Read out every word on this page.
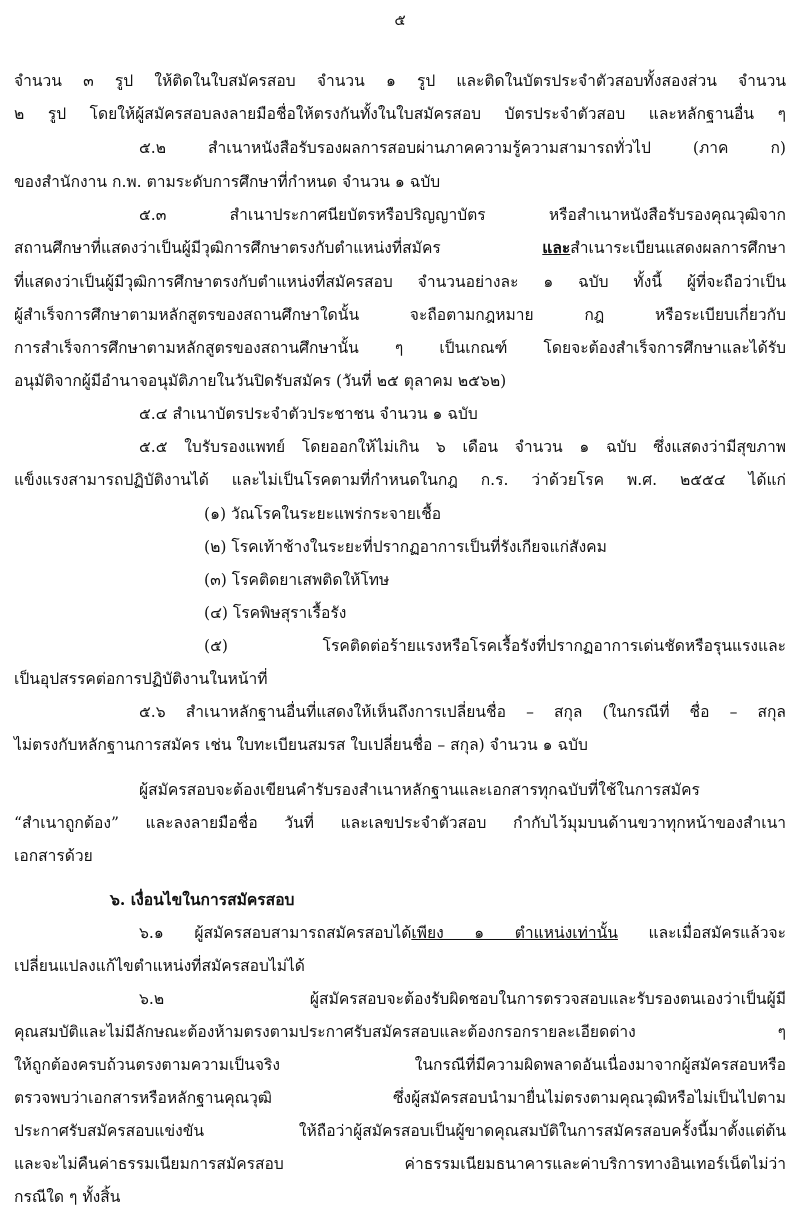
๕
จำนวน ๓ รูป ให้ติดในใบสมัครสอบ จำนวน ๑ รูป และติดในบัตรประจำตัวสอบทั้งสองส่วน จำนวน
๒ รูป โดยให้ผู้สมัครสอบลงลายมือชื่อให้ตรงกันทั้งในใบสมัครสอบ บัตรประจำตัวสอบ และหลักฐานอื่น ๆ
๕.๒ สำเนาหนังสือรับรองผลการสอบผ่านภาคความรู้ความสามารถทั่วไป (ภาค ก)
ของสำนักงาน ก.พ. ตามระดับการศึกษาที่กำหนด จำนวน ๑ ฉบับ
๕.๓ สำเนาประกาศนียบัตรหรือปริญญาบัตร หรือสำเนาหนังสือรับรองคุณวุฒิจาก
สถานศึกษาที่แสดงว่าเป็นผู้มีวุฒิการศึกษาตรงกับตำแหน่งที่สมัคร และสำเนาระเบียนแสดงผลการศึกษา
ที่แสดงว่าเป็นผู้มีวุฒิการศึกษาตรงกับตำแหน่งที่สมัครสอบ จำนวนอย่างละ ๑ ฉบับ ทั้งนี้ ผู้ที่จะถือว่าเป็น
ผู้สำเร็จการศึกษาตามหลักสูตรของสถานศึกษาใดนั้น จะถือตามกฎหมาย กฎ หรือระเบียบเกี่ยวกับ
การสำเร็จการศึกษาตามหลักสูตรของสถานศึกษานั้น ๆ เป็นเกณฑ์ โดยจะต้องสำเร็จการศึกษาและได้รับ
อนุมัติจากผู้มีอำนาจอนุมัติภายในวันปิดรับสมัคร (วันที่ ๒๕ ตุลาคม ๒๕๖๒)
๕.๔ สำเนาบัตรประจำตัวประชาชน จำนวน ๑ ฉบับ
๕.๕ ใบรับรองแพทย์ โดยออกให้ไม่เกิน ๖ เดือน จำนวน ๑ ฉบับ ซึ่งแสดงว่ามีสุขภาพ
แข็งแรงสามารถปฏิบัติงานได้ และไม่เป็นโรคตามที่กำหนดในกฎ ก.ร. ว่าด้วยโรค พ.ศ. ๒๕๕๔ ได้แก่
(๑) วัณโรคในระยะแพร่กระจายเชื้อ
(๒) โรคเท้าช้างในระยะที่ปรากฏอาการเป็นที่รังเกียจแก่สังคม
(๓) โรคติดยาเสพติดให้โทษ
(๔) โรคพิษสุราเรื้อรัง
(๕) โรคติดต่อร้ายแรงหรือโรคเรื้อรังที่ปรากฏอาการเด่นชัดหรือรุนแรงและ
เป็นอุปสรรคต่อการปฏิบัติงานในหน้าที่
๕.๖ สำเนาหลักฐานอื่นที่แสดงให้เห็นถึงการเปลี่ยนชื่อ – สกุล (ในกรณีที่ ชื่อ – สกุล
ไม่ตรงกับหลักฐานการสมัคร เช่น ใบทะเบียนสมรส ใบเปลี่ยนชื่อ – สกุล) จำนวน ๑ ฉบับ
ผู้สมัครสอบจะต้องเขียนคำรับรองสำเนาหลักฐานและเอกสารทุกฉบับที่ใช้ในการสมัคร
“สำเนาถูกต้อง” และลงลายมือชื่อ วันที่ และเลขประจำตัวสอบ กำกับไว้มุมบนด้านขวาทุกหน้าของสำเนา
เอกสารด้วย
๖. เงื่อนไขในการสมัครสอบ
๖.๑ ผู้สมัครสอบสามารถสมัครสอบได้เพียง ๑ ตำแหน่งเท่านั้น และเมื่อสมัครแล้วจะ
เปลี่ยนแปลงแก้ไขตำแหน่งที่สมัครสอบไม่ได้
๖.๒ ผู้สมัครสอบจะต้องรับผิดชอบในการตรวจสอบและรับรองตนเองว่าเป็นผู้มี
คุณสมบัติและไม่มีลักษณะต้องห้ามตรงตามประกาศรับสมัครสอบและต้องกรอกรายละเอียดต่าง ๆ
ให้ถูกต้องครบถ้วนตรงตามความเป็นจริง ในกรณีที่มีความผิดพลาดอันเนื่องมาจากผู้สมัครสอบหรือ
ตรวจพบว่าเอกสารหรือหลักฐานคุณวุฒิ ซึ่งผู้สมัครสอบนำมายื่นไม่ตรงตามคุณวุฒิหรือไม่เป็นไปตาม
ประกาศรับสมัครสอบแข่งขัน ให้ถือว่าผู้สมัครสอบเป็นผู้ขาดคุณสมบัติในการสมัครสอบครั้งนี้มาตั้งแต่ต้น
และจะไม่คืนค่าธรรมเนียมการสมัครสอบ ค่าธรรมเนียมธนาคารและค่าบริการทางอินเทอร์เน็ตไม่ว่า
กรณีใด ๆ ทั้งสิ้น
